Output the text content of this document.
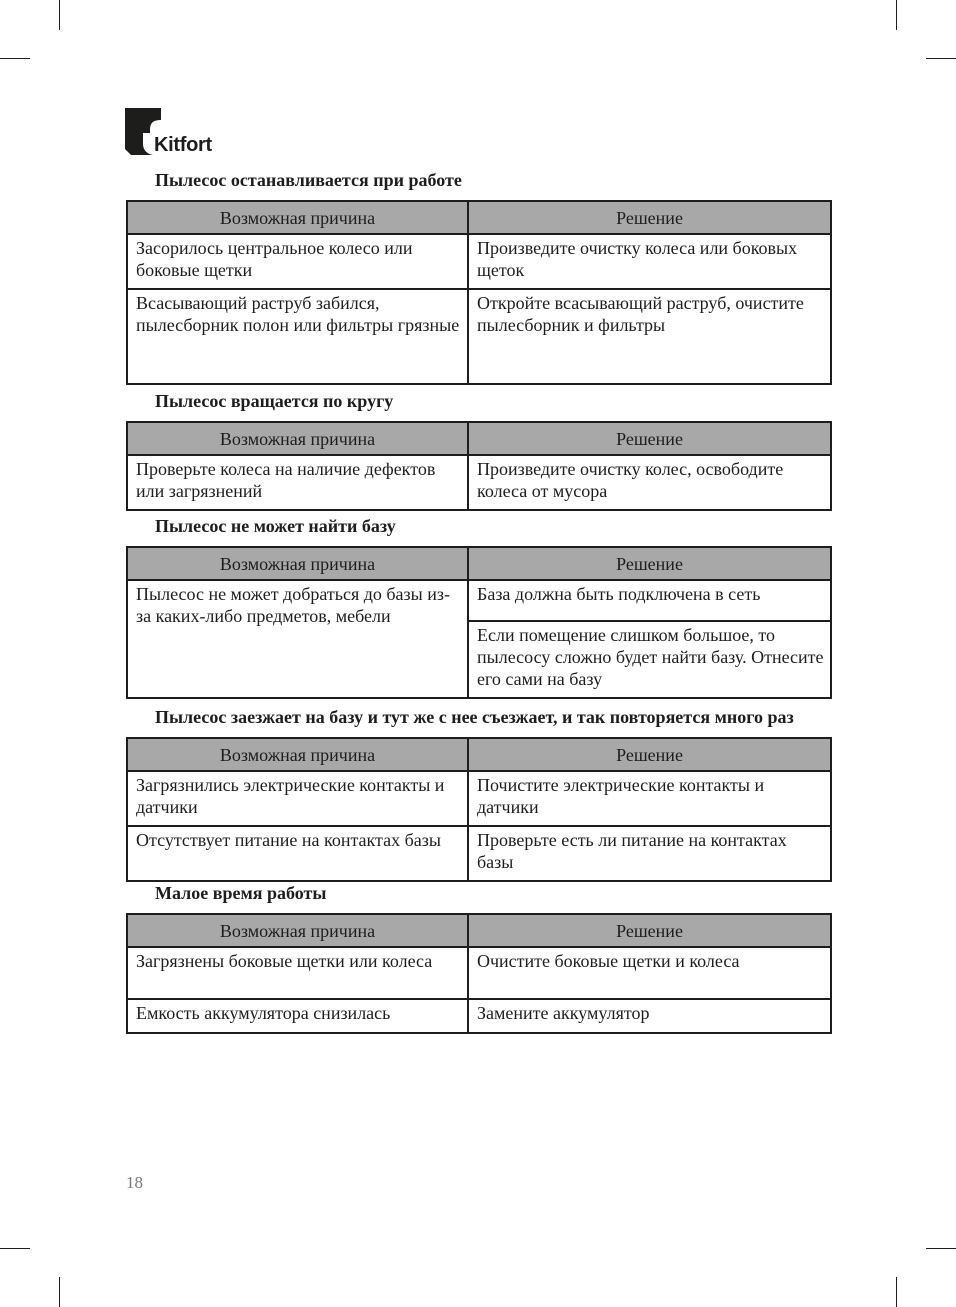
Kitfort
Пылесос останавливается при работе
Возможная причина	Решение
Засорилось центральное колесо или боковые щетки	Произведите очистку колеса или боковых щеток
Всасывающий раструб забился, пылесборник полон или фильтры грязные	Откройте всасывающий раструб, очистите пылесборник и фильтры
Пылесос вращается по кругу
Возможная причина	Решение
Проверьте колеса на наличие дефектов или загрязнений	Произведите очистку колес, освободите колеса от мусора
Пылесос не может найти базу
Возможная причина	Решение
Пылесос не может добраться до базы из-за каких-либо предметов, мебели	База должна быть подключена в сеть
	Если помещение слишком большое, то пылесосу сложно будет найти базу. Отнесите его сами на базу
Пылесос заезжает на базу и тут же с нее съезжает, и так повторяется много раз
Возможная причина	Решение
Загрязнились электрические контакты и датчики	Почистите электрические контакты и датчики
Отсутствует питание на контактах базы	Проверьте есть ли питание на контактах базы
Малое время работы
Возможная причина	Решение
Загрязнены боковые щетки или колеса	Очистите боковые щетки и колеса
Емкость аккумулятора снизилась	Замените аккумулятор
18
